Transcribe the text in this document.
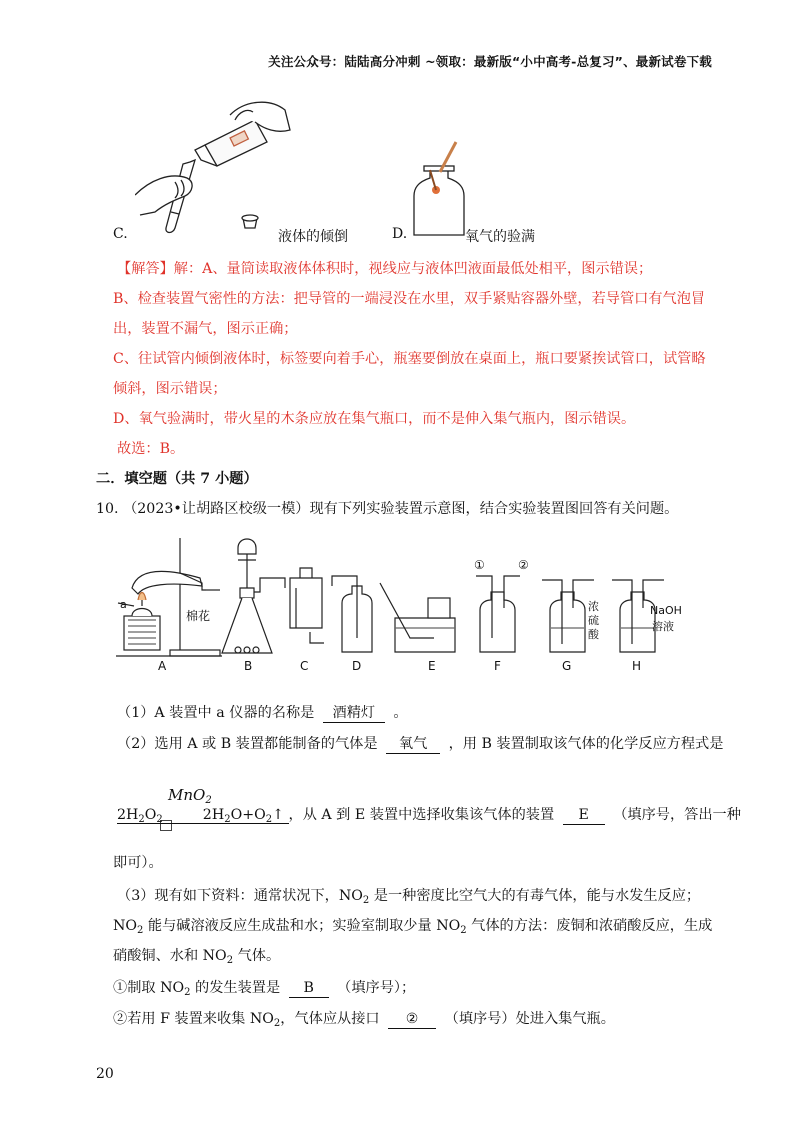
关注公众号：陆陆高分冲刺 ~领取：最新版“小中高考-总复习”、最新试卷下载
C.	液体的倾倒	D.	氧气的验满
【解答】解：A、量筒读取液体体积时，视线应与液体凹液面最低处相平，图示错误；
B、检查装置气密性的方法：把导管的一端浸没在水里，双手紧贴容器外壁，若导管口有气泡冒
出，装置不漏气，图示正确；
C、往试管内倾倒液体时，标签要向着手心，瓶塞要倒放在桌面上，瓶口要紧挨试管口，试管略
倾斜，图示错误；
D、氧气验满时，带火星的木条应放在集气瓶口，而不是伸入集气瓶内，图示错误。
故选：B。
二．填空题（共 7 小题）
10. （2023•让胡路区校级一模）现有下列实验装置示意图，结合实验装置图回答有关问题。
a
棉花
①	②
浓
硫
酸
NaOH
溶液
A	B	C	D	E	F	G	H
（1）A 装置中 a 仪器的名称是 酒精灯 。
（2）选用 A 或 B 装置都能制备的气体是 氧气 ，用 B 装置制取该气体的化学反应方程式是
MnO$_2$
$2H_2O_2$	$2H_2O+O_2↑$ ，从 A 到 E 装置中选择收集该气体的装置 E （填序号，答出一种
即可）。
（3）现有如下资料：通常状况下，$NO_2$ 是一种密度比空气大的有毒气体，能与水发生反应；
$NO_2$ 能与碱溶液反应生成盐和水；实验室制取少量 $NO_2$ 气体的方法：废铜和浓硝酸反应，生成
硝酸铜、水和 $NO_2$ 气体。
①制取 $NO_2$ 的发生装置是 B （填序号）；
②若用 F 装置来收集 $NO_2$，气体应从接口 ② （填序号）处进入集气瓶。
20
